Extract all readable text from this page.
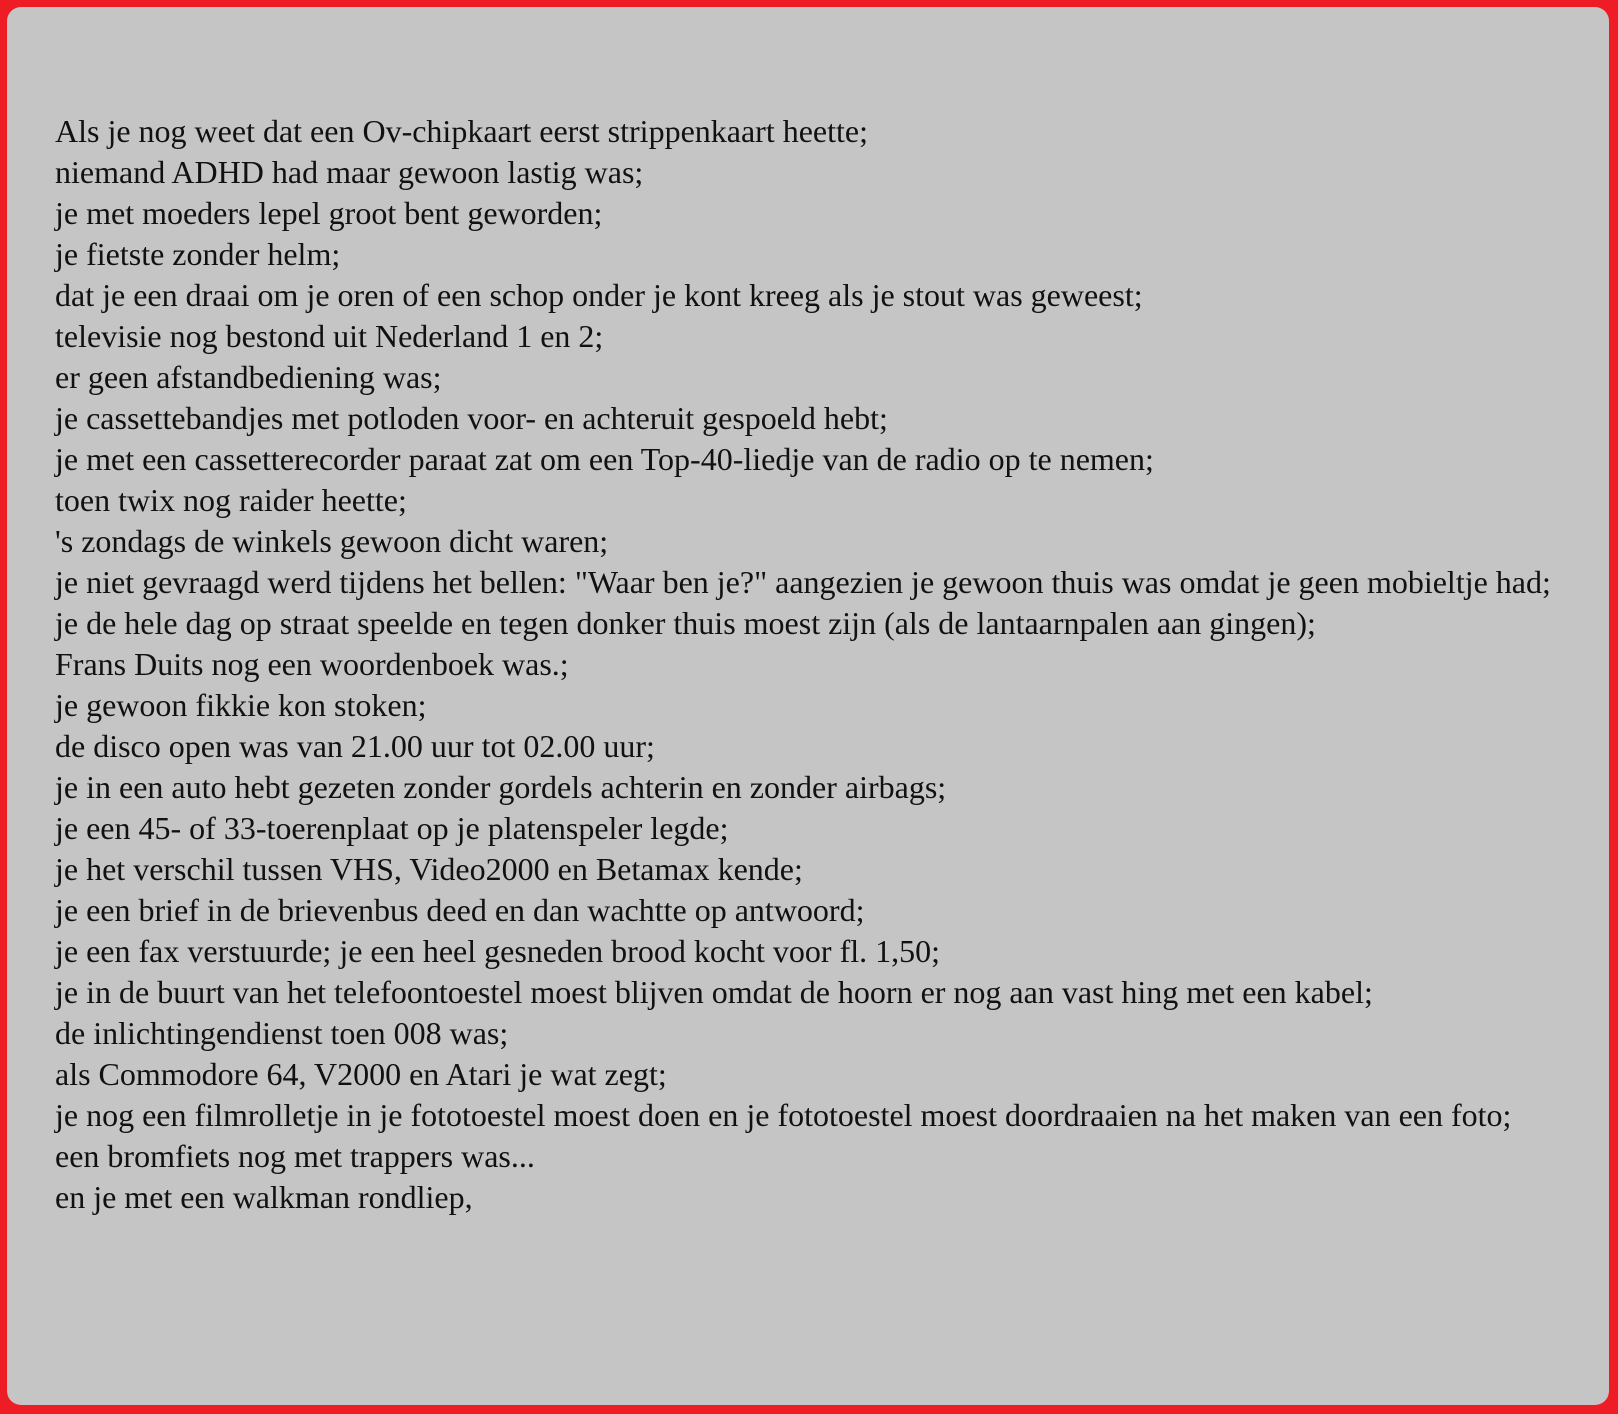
Als je nog weet dat een Ov-chipkaart eerst strippenkaart heette;
niemand ADHD had maar gewoon lastig was;
je met moeders lepel groot bent geworden;
je fietste zonder helm;
dat je een draai om je oren of een schop onder je kont kreeg als je stout was geweest;
televisie nog bestond uit Nederland 1 en 2;
er geen afstandbediening was;
je cassettebandjes met potloden voor- en achteruit gespoeld hebt;
je met een cassetterecorder paraat zat om een Top-40-liedje van de radio op te nemen;
toen twix nog raider heette;
's zondags de winkels gewoon dicht waren;
je niet gevraagd werd tijdens het bellen: "Waar ben je?" aangezien je gewoon thuis was omdat je geen mobieltje had;
je de hele dag op straat speelde en tegen donker thuis moest zijn (als de lantaarnpalen aan gingen);
Frans Duits nog een woordenboek was.;
je gewoon fikkie kon stoken;
de disco open was van 21.00 uur tot 02.00 uur;
je in een auto hebt gezeten zonder gordels achterin en zonder airbags;
je een 45- of 33-toerenplaat op je platenspeler legde;
je het verschil tussen VHS, Video2000 en Betamax kende;
je een brief in de brievenbus deed en dan wachtte op antwoord;
je een fax verstuurde; je een heel gesneden brood kocht voor fl. 1,50;
je in de buurt van het telefoontoestel moest blijven omdat de hoorn er nog aan vast hing met een kabel;
de inlichtingendienst toen 008 was;
als Commodore 64, V2000 en Atari je wat zegt;
je nog een filmrolletje in je fototoestel moest doen en je fototoestel moest doordraaien na het maken van een foto;
een bromfiets nog met trappers was...
en je met een walkman rondliep,
